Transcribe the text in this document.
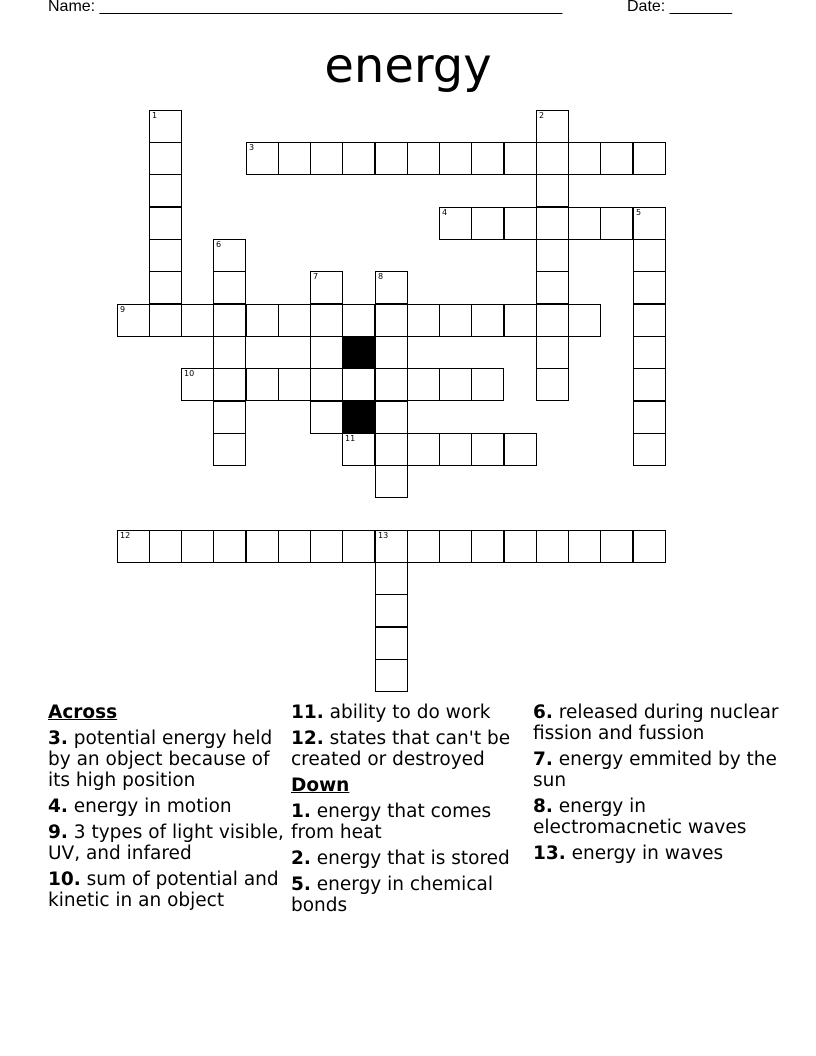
Name: ____________________________________________________	Date: _______
energy
1	2
3
4	5
6
7	8
9
10
11
12	13
Across
3. potential energy held by an object because of its high position
4. energy in motion
9. 3 types of light visible, UV, and infared
10. sum of potential and kinetic in an object
11. ability to do work
12. states that can't be created or destroyed
Down
1. energy that comes from heat
2. energy that is stored
5. energy in chemical bonds
6. released during nuclear fission and fussion
7. energy emmited by the sun
8. energy in electromacnetic waves
13. energy in waves
